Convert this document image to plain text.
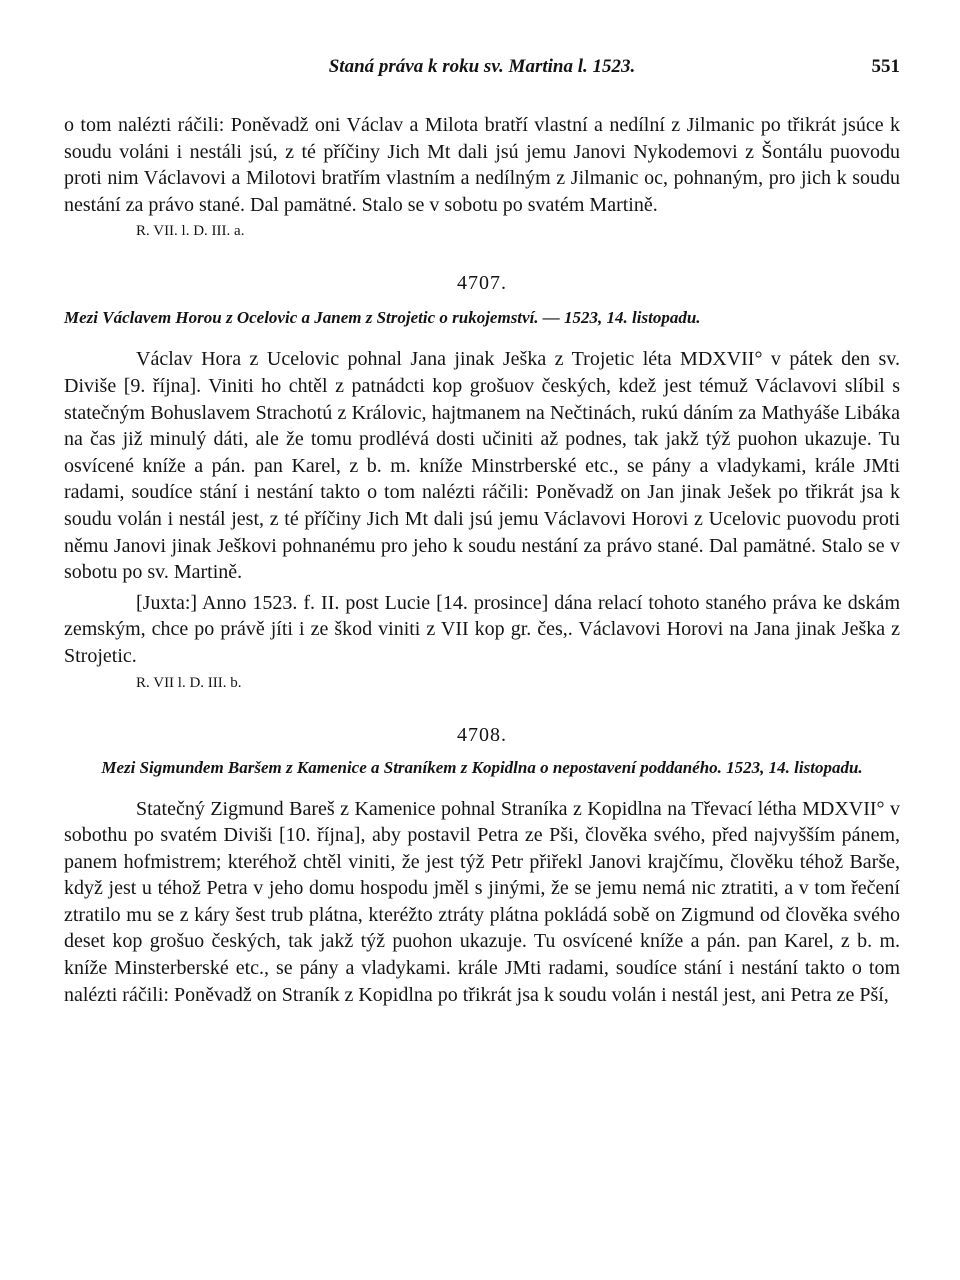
Staná práva k roku sv. Martina l. 1523.	551

o tom nalézti ráčili: Poněvadž oni Václav a Milota bratří vlastní a nedílní z Jilmanic po třikrát jsúce k soudu voláni i nestáli jsú, z té příčiny Jich Mt dali jsú jemu Janovi Nykodemovi z Šontálu puovodu proti nim Václavovi a Milotovi bratřím vlastním a nedílným z Jilmanic oc, pohnaným, pro jich k soudu nestání za právo stané. Dal pamätné. Stalo se v sobotu po svatém Martině.

R. VII. l. D. III. a.
4707.
Mezi Václavem Horou z Ocelovic a Janem z Strojetic o rukojemství. — 1523, 14. listopadu.

Václav Hora z Ucelovic pohnal Jana jinak Ješka z Trojetic léta MDXVII° v pátek den sv. Diviše [9. října]. Viniti ho chtěl z patnádcti kop grošuov českých, kdež jest témuž Václavovi slíbil s statečným Bohuslavem Strachotú z Královic, hajtmanem na Nečtinách, rukú dáním za Mathyáše Libáka na čas již minulý dáti, ale že tomu prodlévá dosti učiniti až podnes, tak jakž týž puohon ukazuje. Tu osvícené kníže a pán. pan Karel, z b. m. kníže Minstrberské etc., se pány a vladykami, krále JMti radami, soudíce stání i nestání takto o tom nalézti ráčili: Poněvadž on Jan jinak Ješek po třikrát jsa k soudu volán i nestál jest, z té příčiny Jich Mt dali jsú jemu Václavovi Horovi z Ucelovic puovodu proti němu Janovi jinak Ješkovi pohnanému pro jeho k soudu nestání za právo stané. Dal pamätné. Stalo se v sobotu po sv. Martině.

[Juxta:] Anno 1523. f. II. post Lucie [14. prosince] dána relací tohoto staného práva ke dskám zemským, chce po právě jíti i ze škod viniti z VII kop gr. čes,. Václavovi Horovi na Jana jinak Ješka z Strojetic.

R. VII l. D. III. b.
4708.
Mezi Sigmundem Baršem z Kamenice a Straníkem z Kopidlna o nepostavení poddaného. 1523, 14. listopadu.

Statečný Zigmund Bareš z Kamenice pohnal Straníka z Kopidlna na Třevací létha MDXVII° v sobothu po svatém Diviši [10. října], aby postavil Petra ze Pši, člověka svého, před najvyšším pánem, panem hofmistrem; kteréhož chtěl viniti, že jest týž Petr přiřekl Janovi krajčímu, člověku téhož Barše, když jest u téhož Petra v jeho domu hospodu jměl s jinými, že se jemu nemá nic ztratiti, a v tom řečení ztratilo mu se z káry šest trub plátna, kteréžto ztráty plátna pokládá sobě on Zigmund od člověka svého deset kop grošuo českých, tak jakž týž puohon ukazuje. Tu osvícené kníže a pán. pan Karel, z b. m. kníže Minsterberské etc., se pány a vladykami. krále JMti radami, soudíce stání i nestání takto o tom nalézti ráčili: Poněvadž on Straník z Kopidlna po třikrát jsa k soudu volán i nestál jest, ani Petra ze Pší,
